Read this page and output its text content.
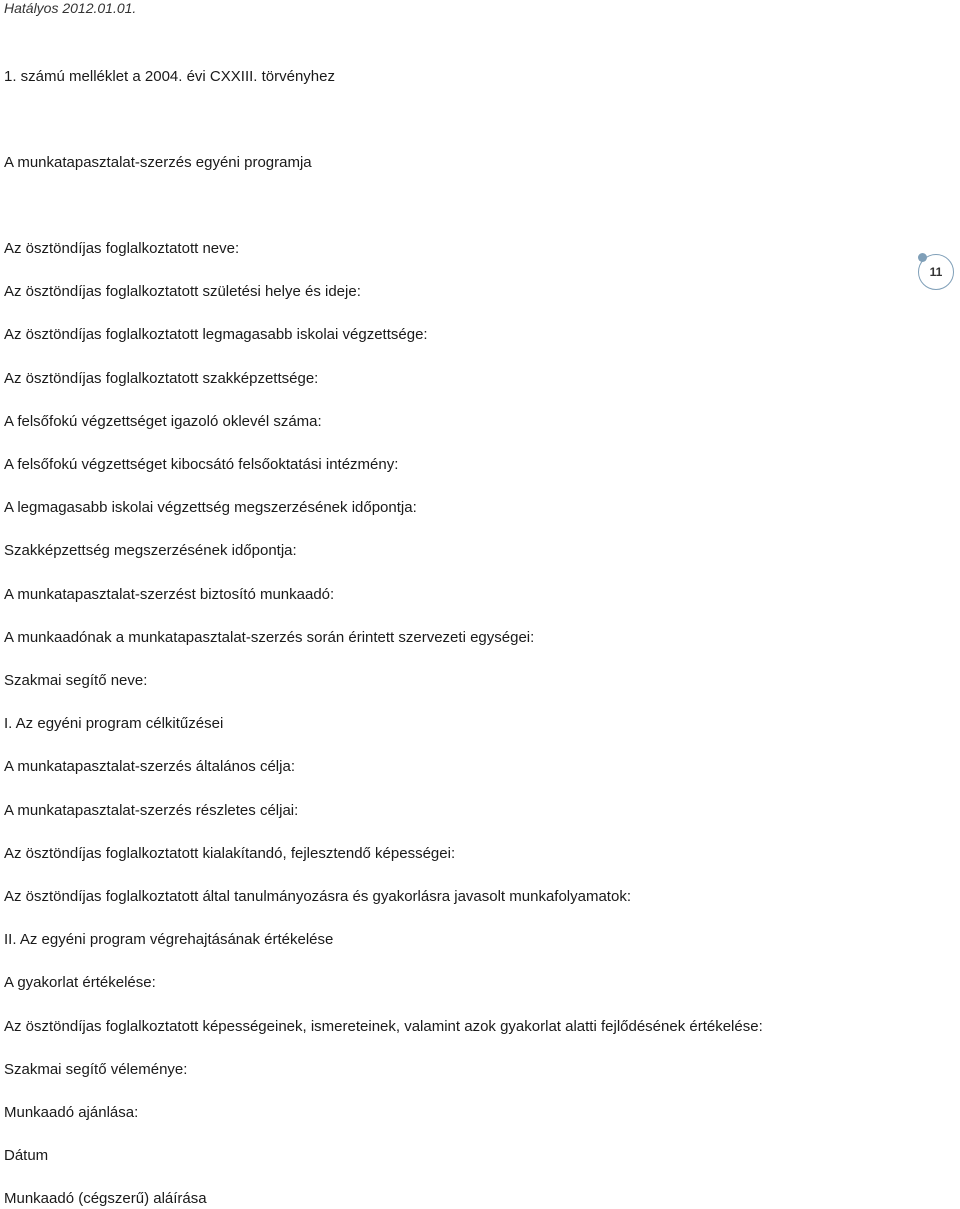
Hatályos 2012.01.01.
11
1. számú melléklet a 2004. évi CXXIII. törvényhez
A munkatapasztalat-szerzés egyéni programja
Az ösztöndíjas foglalkoztatott neve:
Az ösztöndíjas foglalkoztatott születési helye és ideje:
Az ösztöndíjas foglalkoztatott legmagasabb iskolai végzettsége:
Az ösztöndíjas foglalkoztatott szakképzettsége:
A felsőfokú végzettséget igazoló oklevél száma:
A felsőfokú végzettséget kibocsátó felsőoktatási intézmény:
A legmagasabb iskolai végzettség megszerzésének időpontja:
Szakképzettség megszerzésének időpontja:
A munkatapasztalat-szerzést biztosító munkaadó:
A munkaadónak a munkatapasztalat-szerzés során érintett szervezeti egységei:
Szakmai segítő neve:
I. Az egyéni program célkitűzései
A munkatapasztalat-szerzés általános célja:
A munkatapasztalat-szerzés részletes céljai:
Az ösztöndíjas foglalkoztatott kialakítandó, fejlesztendő képességei:
Az ösztöndíjas foglalkoztatott által tanulmányozásra és gyakorlásra javasolt munkafolyamatok:
II. Az egyéni program végrehajtásának értékelése
A gyakorlat értékelése:
Az ösztöndíjas foglalkoztatott képességeinek, ismereteinek, valamint azok gyakorlat alatti fejlődésének értékelése:
Szakmai segítő véleménye:
Munkaadó ajánlása:
Dátum
Munkaadó (cégszerű) aláírása
